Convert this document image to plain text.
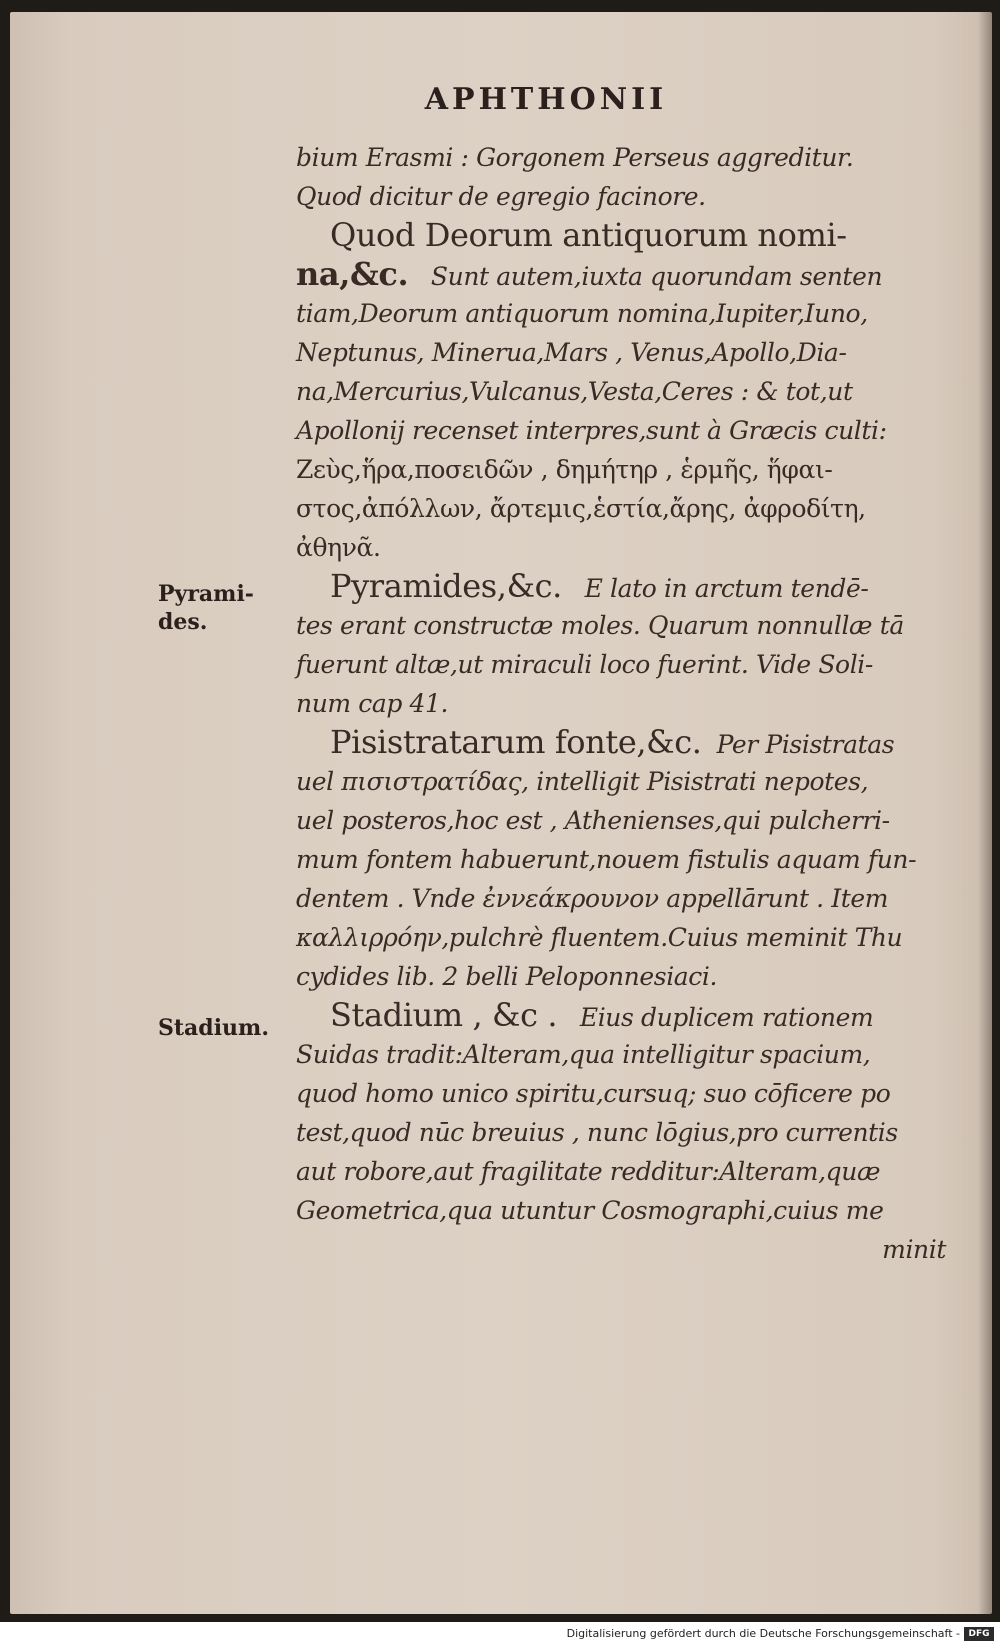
APHTHONII
Pyrami-
des.
Stadium.
bium Erasmi : Gorgonem Perseus aggreditur.
Quod dicitur de egregio facinore.
Quod Deorum antiquorum nomi-
na,&c. Sunt autem,iuxta quorundam senten
tiam,Deorum antiquorum nomina,Iupiter,Iuno,
Neptunus, Minerua,Mars , Venus,Apollo,Dia-
na,Mercurius,Vulcanus,Vesta,Ceres : & tot,ut
Apollonij recenset interpres,sunt à Græcis culti:
Ζεὺς,ἥρα,ποσειδῶν , δημήτηρ , ἑρμῆς, ἥφαι-
στος,ἀπόλλων, ἄρτεμις,ἑστία,ἄρης, ἀφροδίτη,
ἀθηνᾶ.
Pyramides,&c. E lato in arctum tendē-
tes erant constructæ moles. Quarum nonnullæ tā
fuerunt altæ,ut miraculi loco fuerint. Vide Soli-
num cap 41.
Pisistratarum fonte,&c. Per Pisistratas
uel πισιστρατίδας, intelligit Pisistrati nepotes,
uel posteros,hoc est , Athenienses,qui pulcherri-
mum fontem habuerunt,nouem fistulis aquam fun-
dentem . Vnde ἐννεάκρουνον appellārunt . Item
καλλιρρόην,pulchrè fluentem.Cuius meminit Thu
cydides lib. 2 belli Peloponnesiaci.
Stadium , &c . Eius duplicem rationem
Suidas tradit:Alteram,qua intelligitur spacium,
quod homo unico spiritu,cursuq; suo cōficere po
test,quod nūc breuius , nunc lōgius,pro currentis
aut robore,aut fragilitate redditur:Alteram,quæ
Geometrica,qua utuntur Cosmographi,cuius me
minit
Digitalisierung gefördert durch die Deutsche Forschungsgemeinschaft - DFG
